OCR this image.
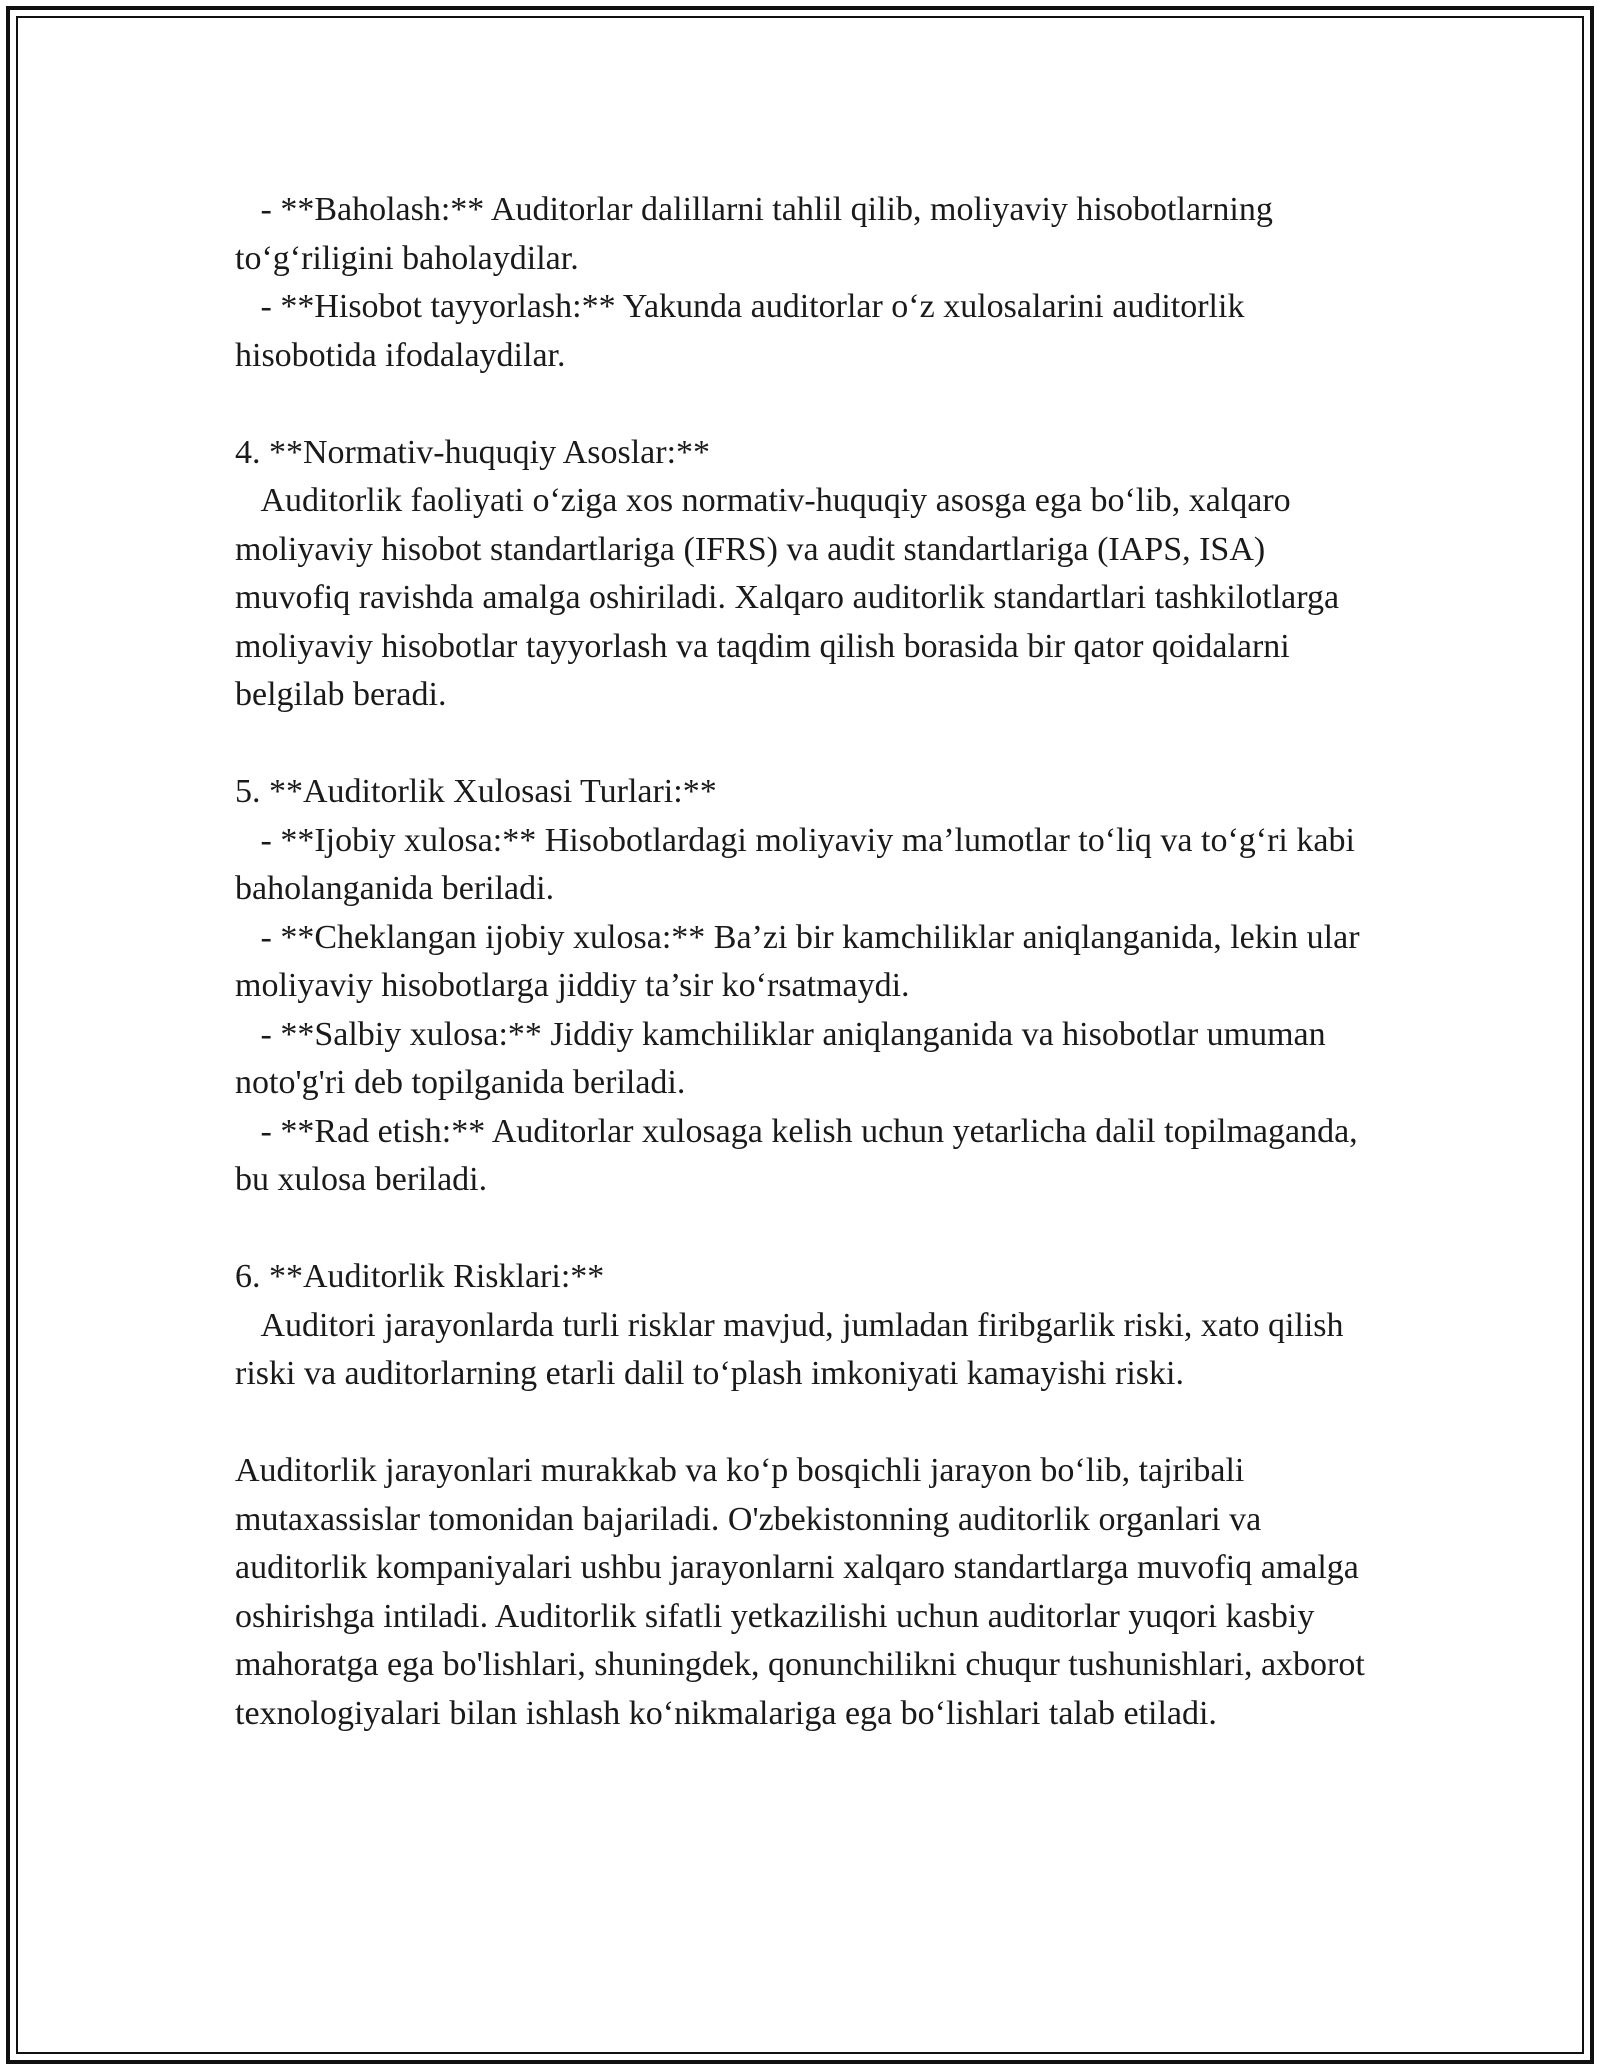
- **Baholash:** Auditorlar dalillarni tahlil qilib, moliyaviy hisobotlarning to‘g‘riligini baholaydilar.

- **Hisobot tayyorlash:** Yakunda auditorlar o‘z xulosalarini auditorlik hisobotida ifodalaydilar.

4. **Normativ-huquqiy Asoslar:**

Auditorlik faoliyati o‘ziga xos normativ-huquqiy asosga ega bo‘lib, xalqaro moliyaviy hisobot standartlariga (IFRS) va audit standartlariga (IAPS, ISA) muvofiq ravishda amalga oshiriladi. Xalqaro auditorlik standartlari tashkilotlarga moliyaviy hisobotlar tayyorlash va taqdim qilish borasida bir qator qoidalarni belgilab beradi.

5. **Auditorlik Xulosasi Turlari:**

- **Ijobiy xulosa:** Hisobotlardagi moliyaviy ma’lumotlar to‘liq va to‘g‘ri kabi baholanganida beriladi.

- **Cheklangan ijobiy xulosa:** Ba’zi bir kamchiliklar aniqlanganida, lekin ular moliyaviy hisobotlarga jiddiy ta’sir ko‘rsatmaydi.

- **Salbiy xulosa:** Jiddiy kamchiliklar aniqlanganida va hisobotlar umuman noto'g'ri deb topilganida beriladi.

- **Rad etish:** Auditorlar xulosaga kelish uchun yetarlicha dalil topilmaganda, bu xulosa beriladi.

6. **Auditorlik Risklari:**

Auditori jarayonlarda turli risklar mavjud, jumladan firibgarlik riski, xato qilish riski va auditorlarning etarli dalil to‘plash imkoniyati kamayishi riski.

Auditorlik jarayonlari murakkab va ko‘p bosqichli jarayon bo‘lib, tajribali mutaxassislar tomonidan bajariladi. O'zbekistonning auditorlik organlari va auditorlik kompaniyalari ushbu jarayonlarni xalqaro standartlarga muvofiq amalga oshirishga intiladi. Auditorlik sifatli yetkazilishi uchun auditorlar yuqori kasbiy mahoratga ega bo'lishlari, shuningdek, qonunchilikni chuqur tushunishlari, axborot texnologiyalari bilan ishlash ko‘nikmalariga ega bo‘lishlari talab etiladi.
